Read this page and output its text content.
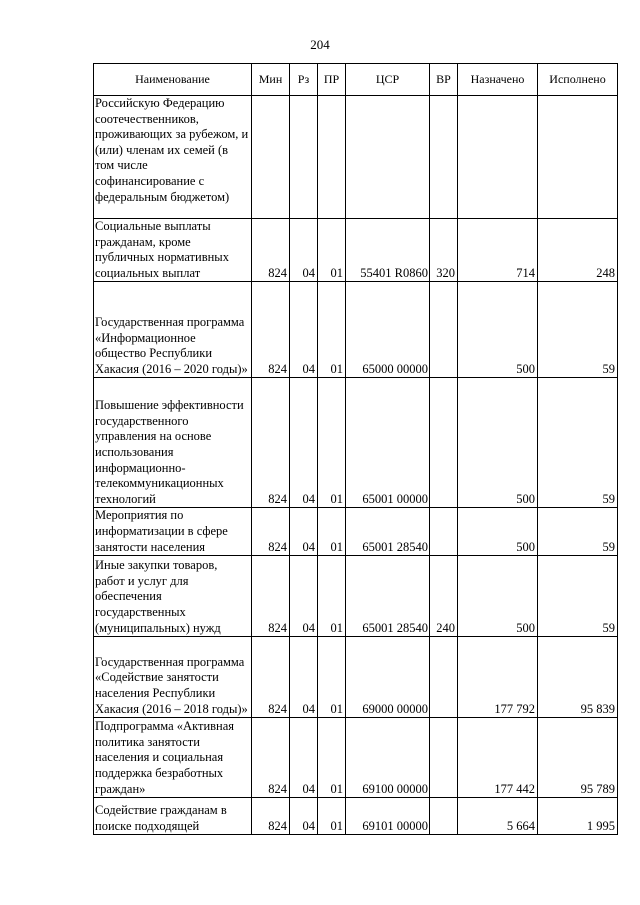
204
Наименование	Мин	Рз	ПР	ЦСР	ВР	Назначено	Исполнено
Российскую Федерацию соотечественников, проживающих за рубежом, и (или) членам их семей (в том числе софинансирование с федеральным бюджетом)							
Социальные выплаты гражданам, кроме публичных нормативных социальных выплат	824	04	01	55401 R0860	320	714	248
Государственная программа «Информационное общество Республики Хакасия (2016 – 2020 годы)»	824	04	01	65000 00000		500	59
Повышение эффективности государственного управления на основе использования информационно-телекоммуникационных технологий	824	04	01	65001 00000		500	59
Мероприятия по информатизации в сфере занятости населения	824	04	01	65001 28540		500	59
Иные закупки товаров, работ и услуг для обеспечения государственных (муниципальных) нужд	824	04	01	65001 28540	240	500	59
Государственная программа «Содействие занятости населения Республики Хакасия (2016 – 2018 годы)»	824	04	01	69000 00000		177 792	95 839
Подпрограмма «Активная политика занятости населения и социальная поддержка безработных граждан»	824	04	01	69100 00000		177 442	95 789
Содействие гражданам в поиске подходящей	824	04	01	69101 00000		5 664	1 995
